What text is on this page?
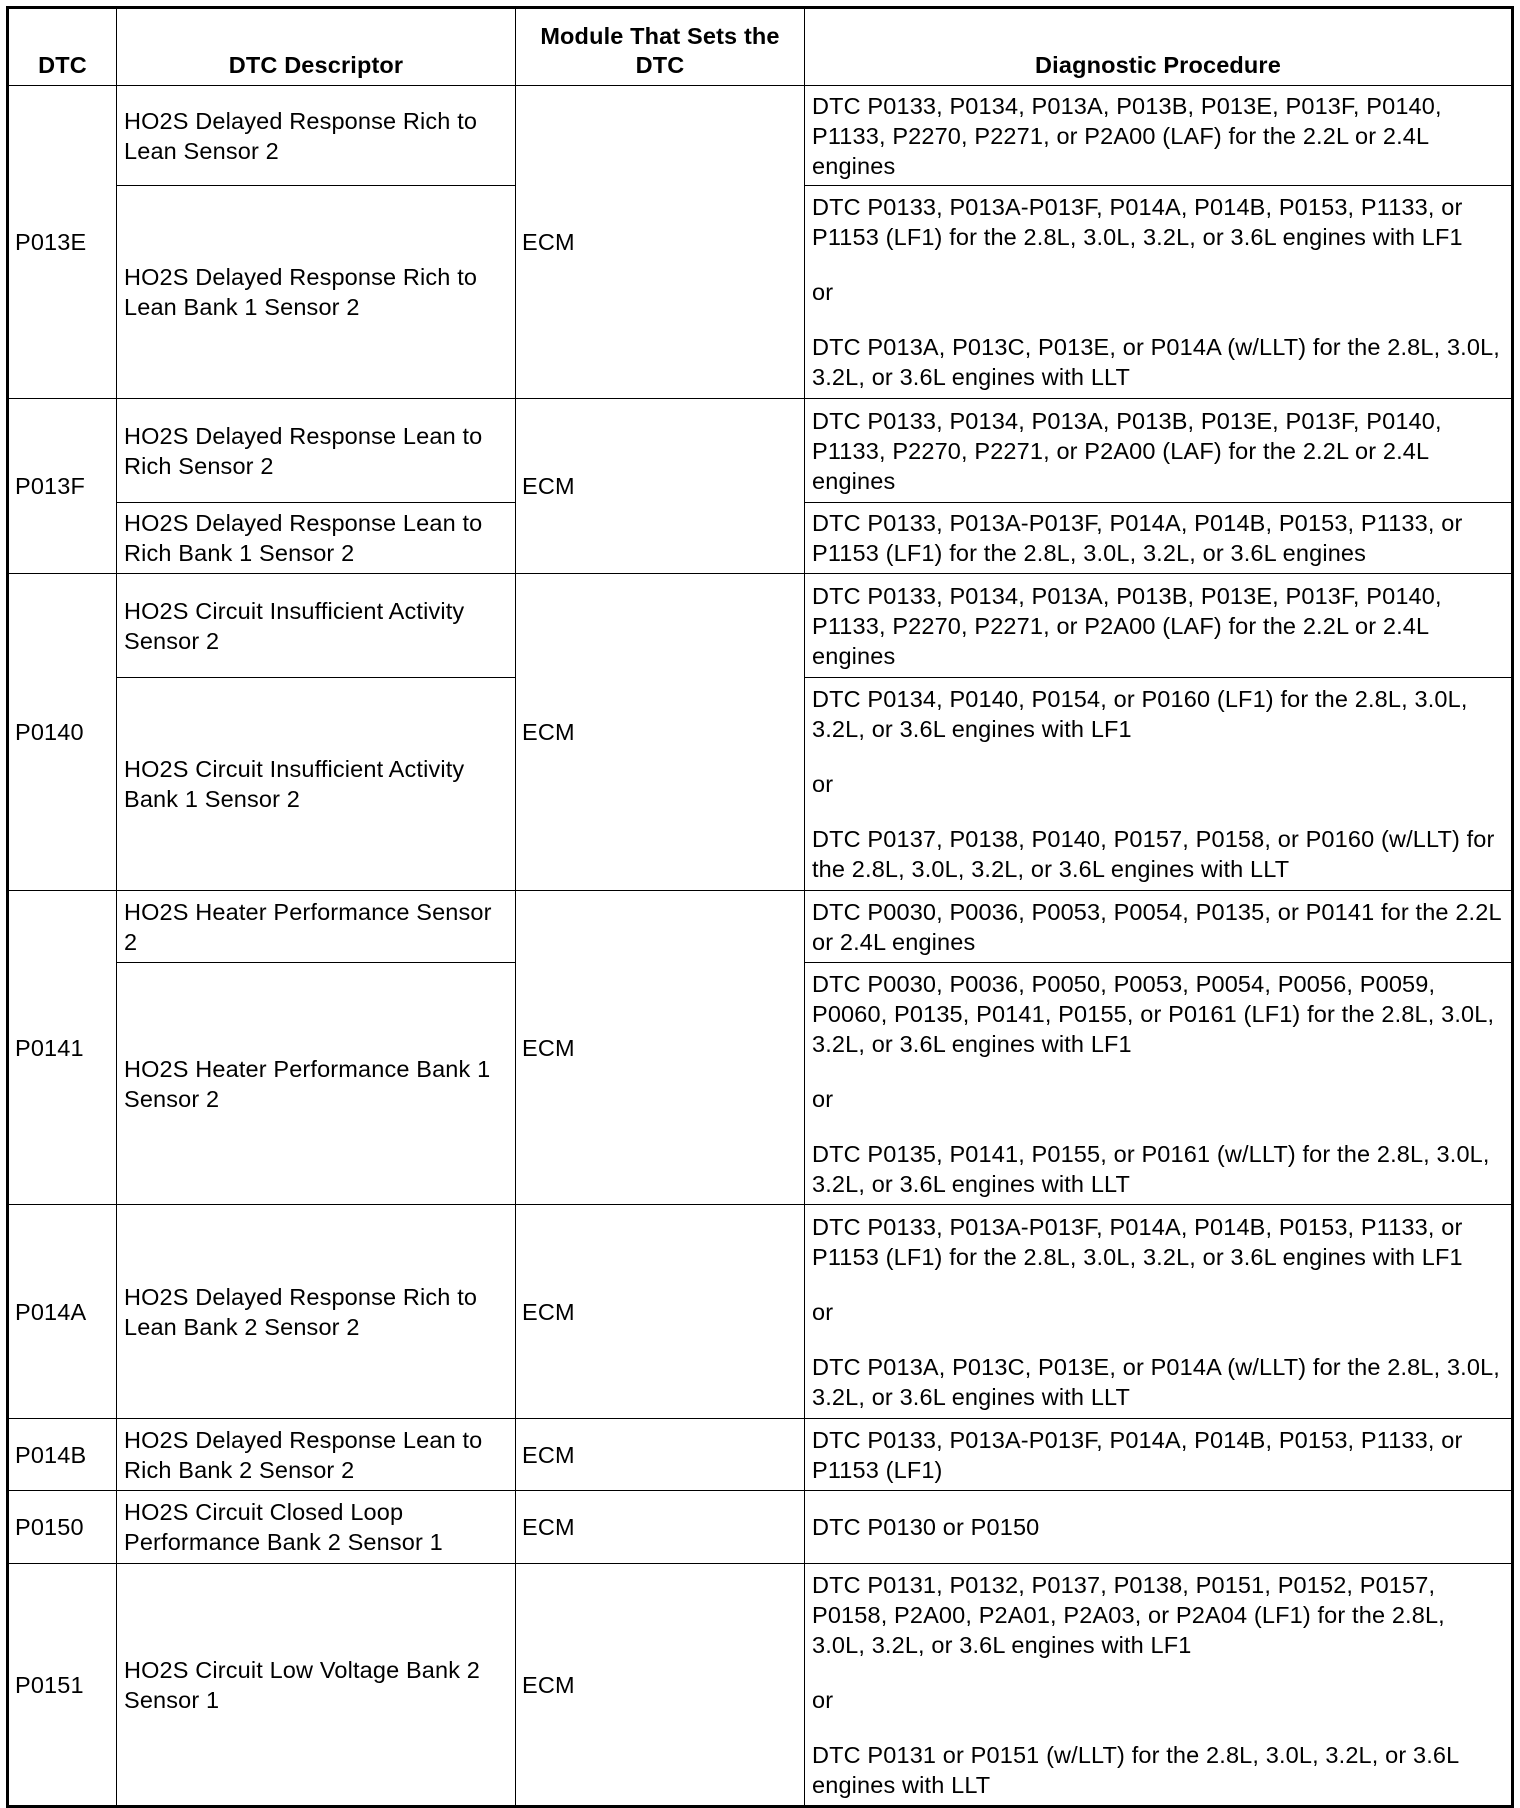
DTC	DTC Descriptor	Module That Sets the DTC	Diagnostic Procedure
P013E	HO2S Delayed Response Rich to Lean Sensor 2	ECM	DTC P0133, P0134, P013A, P013B, P013E, P013F, P0140, P1133, P2270, P2271, or P2A00 (LAF) for the 2.2L or 2.4L engines

	HO2S Delayed Response Rich to Lean Bank 1 Sensor 2		DTC P0133, P013A-P013F, P014A, P014B, P0153, P1133, or P1153 (LF1) for the 2.8L, 3.0L, 3.2L, or 3.6L engines with LF1

or

DTC P013A, P013C, P013E, or P014A (w/LLT) for the 2.8L, 3.0L, 3.2L, or 3.6L engines with LLT

P013F	HO2S Delayed Response Lean to Rich Sensor 2	ECM	DTC P0133, P0134, P013A, P013B, P013E, P013F, P0140, P1133, P2270, P2271, or P2A00 (LAF) for the 2.2L or 2.4L engines

	HO2S Delayed Response Lean to Rich Bank 1 Sensor 2		DTC P0133, P013A-P013F, P014A, P014B, P0153, P1133, or P1153 (LF1) for the 2.8L, 3.0L, 3.2L, or 3.6L engines

P0140	HO2S Circuit Insufficient Activity Sensor 2	ECM	DTC P0133, P0134, P013A, P013B, P013E, P013F, P0140, P1133, P2270, P2271, or P2A00 (LAF) for the 2.2L or 2.4L engines

	HO2S Circuit Insufficient Activity Bank 1 Sensor 2		DTC P0134, P0140, P0154, or P0160 (LF1) for the 2.8L, 3.0L, 3.2L, or 3.6L engines with LF1

or

DTC P0137, P0138, P0140, P0157, P0158, or P0160 (w/LLT) for the 2.8L, 3.0L, 3.2L, or 3.6L engines with LLT

P0141	HO2S Heater Performance Sensor 2	ECM	DTC P0030, P0036, P0053, P0054, P0135, or P0141 for the 2.2L or 2.4L engines

	HO2S Heater Performance Bank 1 Sensor 2		DTC P0030, P0036, P0050, P0053, P0054, P0056, P0059, P0060, P0135, P0141, P0155, or P0161 (LF1) for the 2.8L, 3.0L, 3.2L, or 3.6L engines with LF1

or

DTC P0135, P0141, P0155, or P0161 (w/LLT) for the 2.8L, 3.0L, 3.2L, or 3.6L engines with LLT

P014A	HO2S Delayed Response Rich to Lean Bank 2 Sensor 2	ECM	DTC P0133, P013A-P013F, P014A, P014B, P0153, P1133, or P1153 (LF1) for the 2.8L, 3.0L, 3.2L, or 3.6L engines with LF1

or

DTC P013A, P013C, P013E, or P014A (w/LLT) for the 2.8L, 3.0L, 3.2L, or 3.6L engines with LLT

P014B	HO2S Delayed Response Lean to Rich Bank 2 Sensor 2	ECM	DTC P0133, P013A-P013F, P014A, P014B, P0153, P1133, or P1153 (LF1)

P0150	HO2S Circuit Closed Loop Performance Bank 2 Sensor 1	ECM	DTC P0130 or P0150

P0151	HO2S Circuit Low Voltage Bank 2 Sensor 1	ECM	DTC P0131, P0132, P0137, P0138, P0151, P0152, P0157, P0158, P2A00, P2A01, P2A03, or P2A04 (LF1) for the 2.8L, 3.0L, 3.2L, or 3.6L engines with LF1

or

DTC P0131 or P0151 (w/LLT) for the 2.8L, 3.0L, 3.2L, or 3.6L engines with LLT
